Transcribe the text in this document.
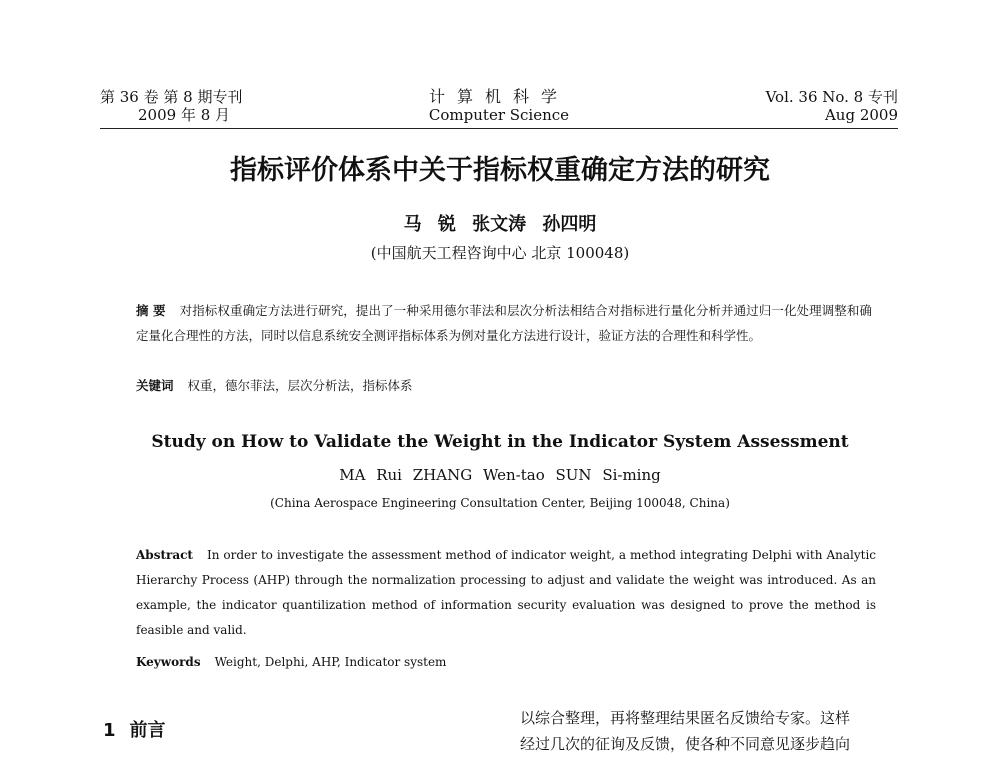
第 36 卷 第 8 期专刊
2009 年 8 月
计算机科学
Computer Science
Vol. 36 No. 8 专刊
Aug 2009
指标评价体系中关于指标权重确定方法的研究
马 锐 张文涛 孙四明
(中国航天工程咨询中心 北京 100048)
摘 要 对指标权重确定方法进行研究，提出了一种采用德尔菲法和层次分析法相结合对指标进行量化分析并通过归一化处理调整和确定量化合理性的方法，同时以信息系统安全测评指标体系为例对量化方法进行设计，验证方法的合理性和科学性。
关键词 权重，德尔菲法，层次分析法，指标体系
Study on How to Validate the Weight in the Indicator System Assessment
MA Rui ZHANG Wen-tao SUN Si-ming
(China Aerospace Engineering Consultation Center, Beijing 100048, China)
Abstract In order to investigate the assessment method of indicator weight, a method integrating Delphi with Analytic Hierarchy Process (AHP) through the normalization processing to adjust and validate the weight was introduced. As an example, the indicator quantilization method of information security evaluation was designed to prove the method is feasible and valid.
Keywords Weight, Delphi, AHP, Indicator system
1 前言
以综合整理，再将整理结果匿名反馈给专家。这样
经过几次的征询及反馈，使各种不同意见逐步趋向
